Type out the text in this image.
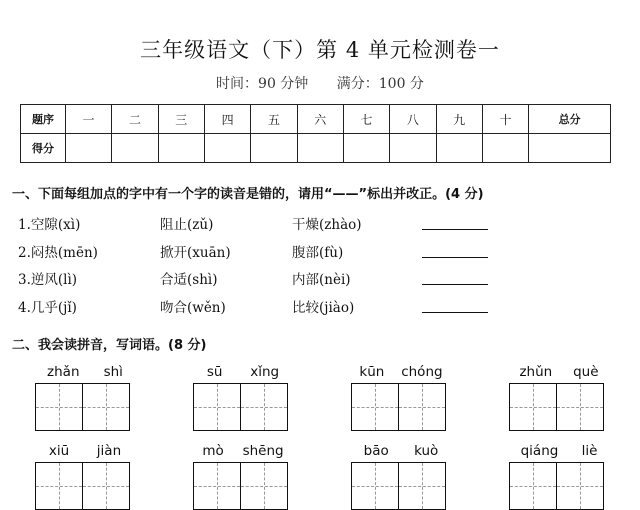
三年级语文（下）第 4 单元检测卷一
时间：90 分钟 满分：100 分
题序	一	二	三	四	五	六	七	八	九	十	总分
得分											
一、下面每组加点的字中有一个字的读音是错的，请用“——”标出并改正。(4 分)
1.空隙(xì)	阻止(zǔ)	干燥(zhào)
2.闷热(mēn)	掀开(xuān)	腹部(fù)
3.逆风(lì)	合适(shì)	内部(nèi)
4.几乎(jǐ)	吻合(wěn)	比较(jiào)
二、我会读拼音，写词语。(8 分)
zhǎn shì	sū xǐng	kūn chóng	zhǔn què
xiū jiàn	mò shēng	bāo kuò	qiáng liè
